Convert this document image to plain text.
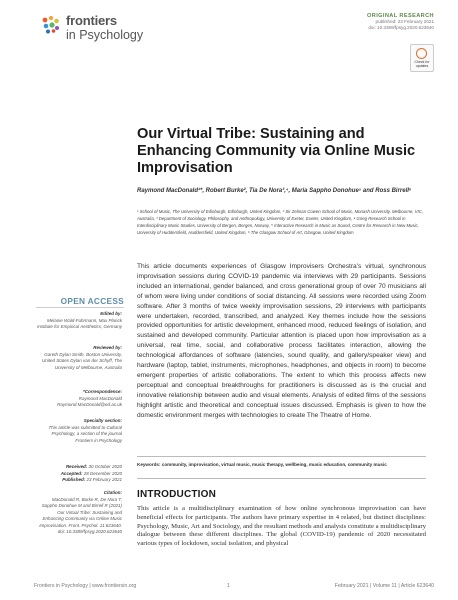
frontiers
in Psychology
ORIGINAL RESEARCH
published: 23 February 2021
doi: 10.3389/fpsyg.2020.623640
Check for updates
Our Virtual Tribe: Sustaining and Enhancing Community via Online Music Improvisation
Raymond MacDonald¹*, Robert Burke², Tia De Nora³,⁴, Maria Sappho Donohue⁵ and Ross Birrell⁶
¹ School of Music, The University of Edinburgh, Edinburgh, United Kingdom, ² Sir Zelman Cowen School of Music, Monash University, Melbourne, VIC, Australia, ³ Department of Sociology, Philosophy, and Anthropology, University of Exeter, Exeter, United Kingdom, ⁴ Grieg Research School in Interdisciplinary Music Studies, University of Bergen, Bergen, Norway, ⁵ Interactive Research in Music as Sound, Centre for Research in New Music, University of Huddersfield, Huddersfield, United Kingdom, ⁶ The Glasgow School of Art, Glasgow, United Kingdom
This article documents experiences of Glasgow Improvisers Orchestra's virtual, synchronous improvisation sessions during COVID-19 pandemic via interviews with 29 participants. Sessions included an international, gender balanced, and cross generational group of over 70 musicians all of whom were living under conditions of social distancing. All sessions were recorded using Zoom software. After 3 months of twice weekly improvisation sessions, 29 interviews with participants were undertaken, recorded, transcribed, and analyzed. Key themes include how the sessions provided opportunities for artistic development, enhanced mood, reduced feelings of isolation, and sustained and developed community. Particular attention is placed upon how improvisation as a universal, real time, social, and collaborative process facilitates interaction, allowing the technological affordances of software (latencies, sound quality, and gallery/speaker view) and hardware (laptop, tablet, instruments, microphones, headphones, and objects in room) to become emergent properties of artistic collaborations. The extent to which this process affects new perceptual and conceptual breakthroughs for practitioners is discussed as is the crucial and innovative relationship between audio and visual elements. Analysis of edited films of the sessions highlight artistic and theoretical and conceptual issues discussed. Emphasis is given to how the domestic environment merges with technologies to create The Theatre of Home.
Keywords: community, improvisation, virtual music, music therapy, wellbeing, music education, community music
INTRODUCTION
This article is a multidisciplinary examination of how online synchronous improvisation can have beneficial effects for participants. The authors have primary expertise in 4 related, but distinct disciplines: Psychology, Music, Art and Sociology, and the resultant methods and analysis constitute a multidisciplinary dialogue between these different disciplines. The global (COVID-19) pandemic of 2020 necessitated various types of lockdown, social isolation, and physical
OPEN ACCESS
Edited by:
Melanie Wald-Fuhrmann, Max Planck Institute for Empirical Aesthetics, Germany
Reviewed by:
Gareth Dylan Smith, Boston University, United States Dylan van der Schyff, The University of Melbourne, Australia
*Correspondence:
Raymond MacDonald Raymond.MacDonald@ed.ac.uk
Specialty section:
This article was submitted to Cultural Psychology, a section of the journal Frontiers in Psychology
Received: 30 October 2020
Accepted: 28 December 2020
Published: 23 February 2021
Citation:
MacDonald R, Burke R, De Nora T, Sappho Donohue M and Birrell R (2021) Our Virtual Tribe: Sustaining and Enhancing Community via Online Music Improvisation. Front. Psychol. 11:623640. doi: 10.3389/fpsyg.2020.623640
Frontiers in Psychology | www.frontiersin.org	1	February 2021 | Volume 11 | Article 623640
